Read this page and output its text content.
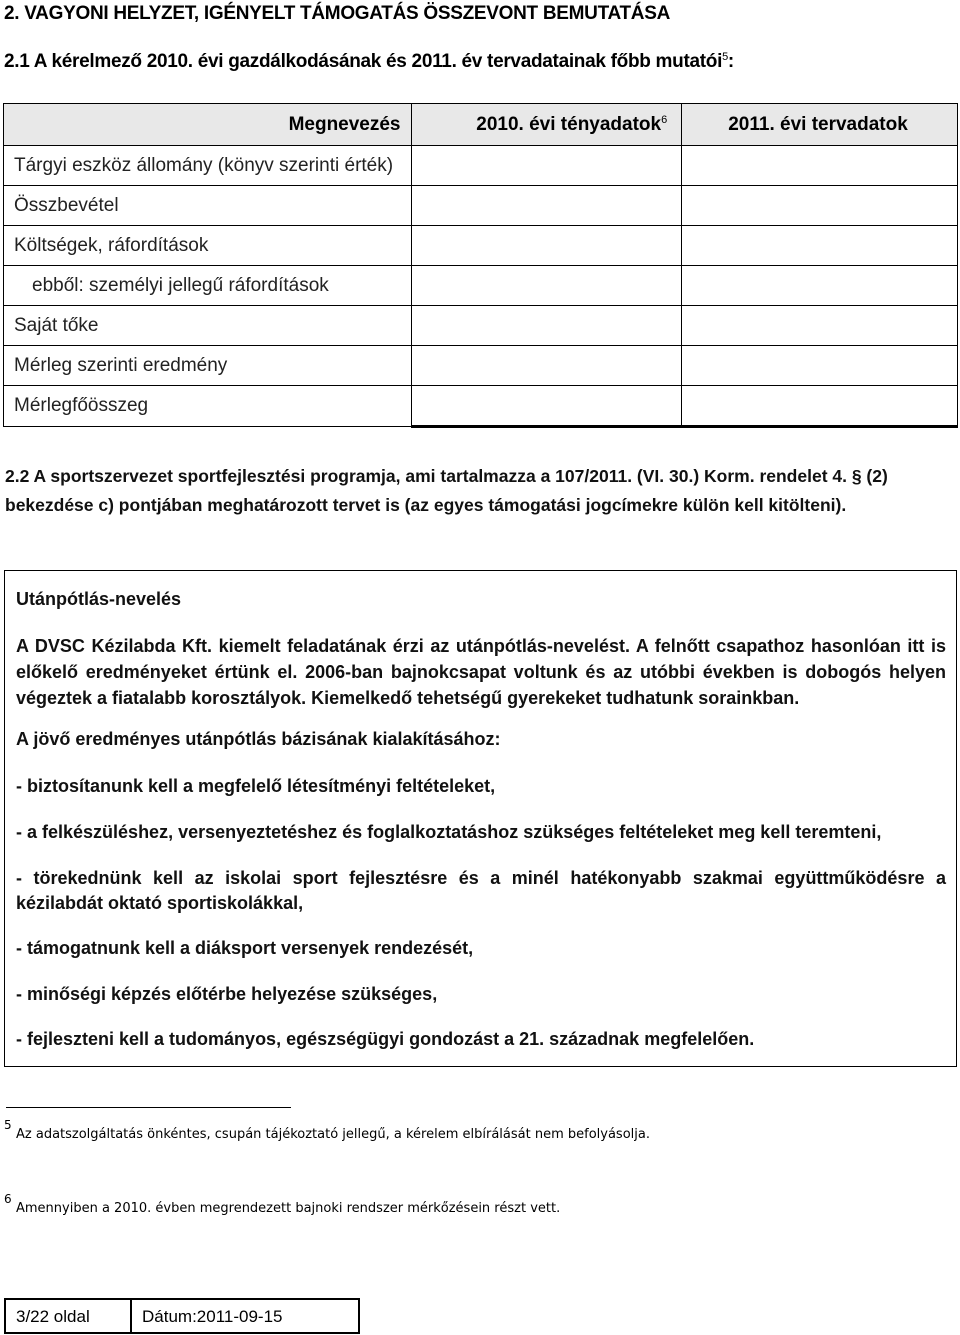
2. VAGYONI HELYZET, IGÉNYELT TÁMOGATÁS ÖSSZEVONT BEMUTATÁSA
2.1 A kérelmező 2010. évi gazdálkodásának és 2011. év tervadatainak főbb mutatói$^5$:
Megnevezés	2010. évi tényadatok$^6$	2011. évi tervadatok
Tárgyi eszköz állomány (könyv szerinti érték)		
Összbevétel		
Költségek, ráfordítások		
ebből: személyi jellegű ráfordítások		
Saját tőke		
Mérleg szerinti eredmény		
Mérlegfőösszeg		
2.2 A sportszervezet sportfejlesztési programja, ami tartalmazza a 107/2011. (VI. 30.) Korm. rendelet 4. § (2) bekezdése c) pontjában meghatározott tervet is (az egyes támogatási jogcímekre külön kell kitölteni).
Utánpótlás-nevelés
A DVSC Kézilabda Kft. kiemelt feladatának érzi az utánpótlás-nevelést. A felnőtt csapathoz hasonlóan itt is előkelő eredményeket értünk el. 2006-ban bajnokcsapat voltunk és az utóbbi években is dobogós helyen végeztek a fiatalabb korosztályok. Kiemelkedő tehetségű gyerekeket tudhatunk sorainkban.
A jövő eredményes utánpótlás bázisának kialakításához:
- biztosítanunk kell a megfelelő létesítményi feltételeket,
- a felkészüléshez, versenyeztetéshez és foglalkoztatáshoz szükséges feltételeket meg kell teremteni,
- törekednünk kell az iskolai sport fejlesztésre és a minél hatékonyabb szakmai együttműködésre a kézilabdát oktató sportiskolákkal,
- támogatnunk kell a diáksport versenyek rendezését,
- minőségi képzés előtérbe helyezése szükséges,
- fejleszteni kell a tudományos, egészségügyi gondozást a 21. századnak megfelelően.
5
Az adatszolgáltatás önkéntes, csupán tájékoztató jellegű, a kérelem elbírálását nem befolyásolja.
6
Amennyiben a 2010. évben megrendezett bajnoki rendszer mérkőzésein részt vett.
3/22 oldal	Dátum:2011-09-15
